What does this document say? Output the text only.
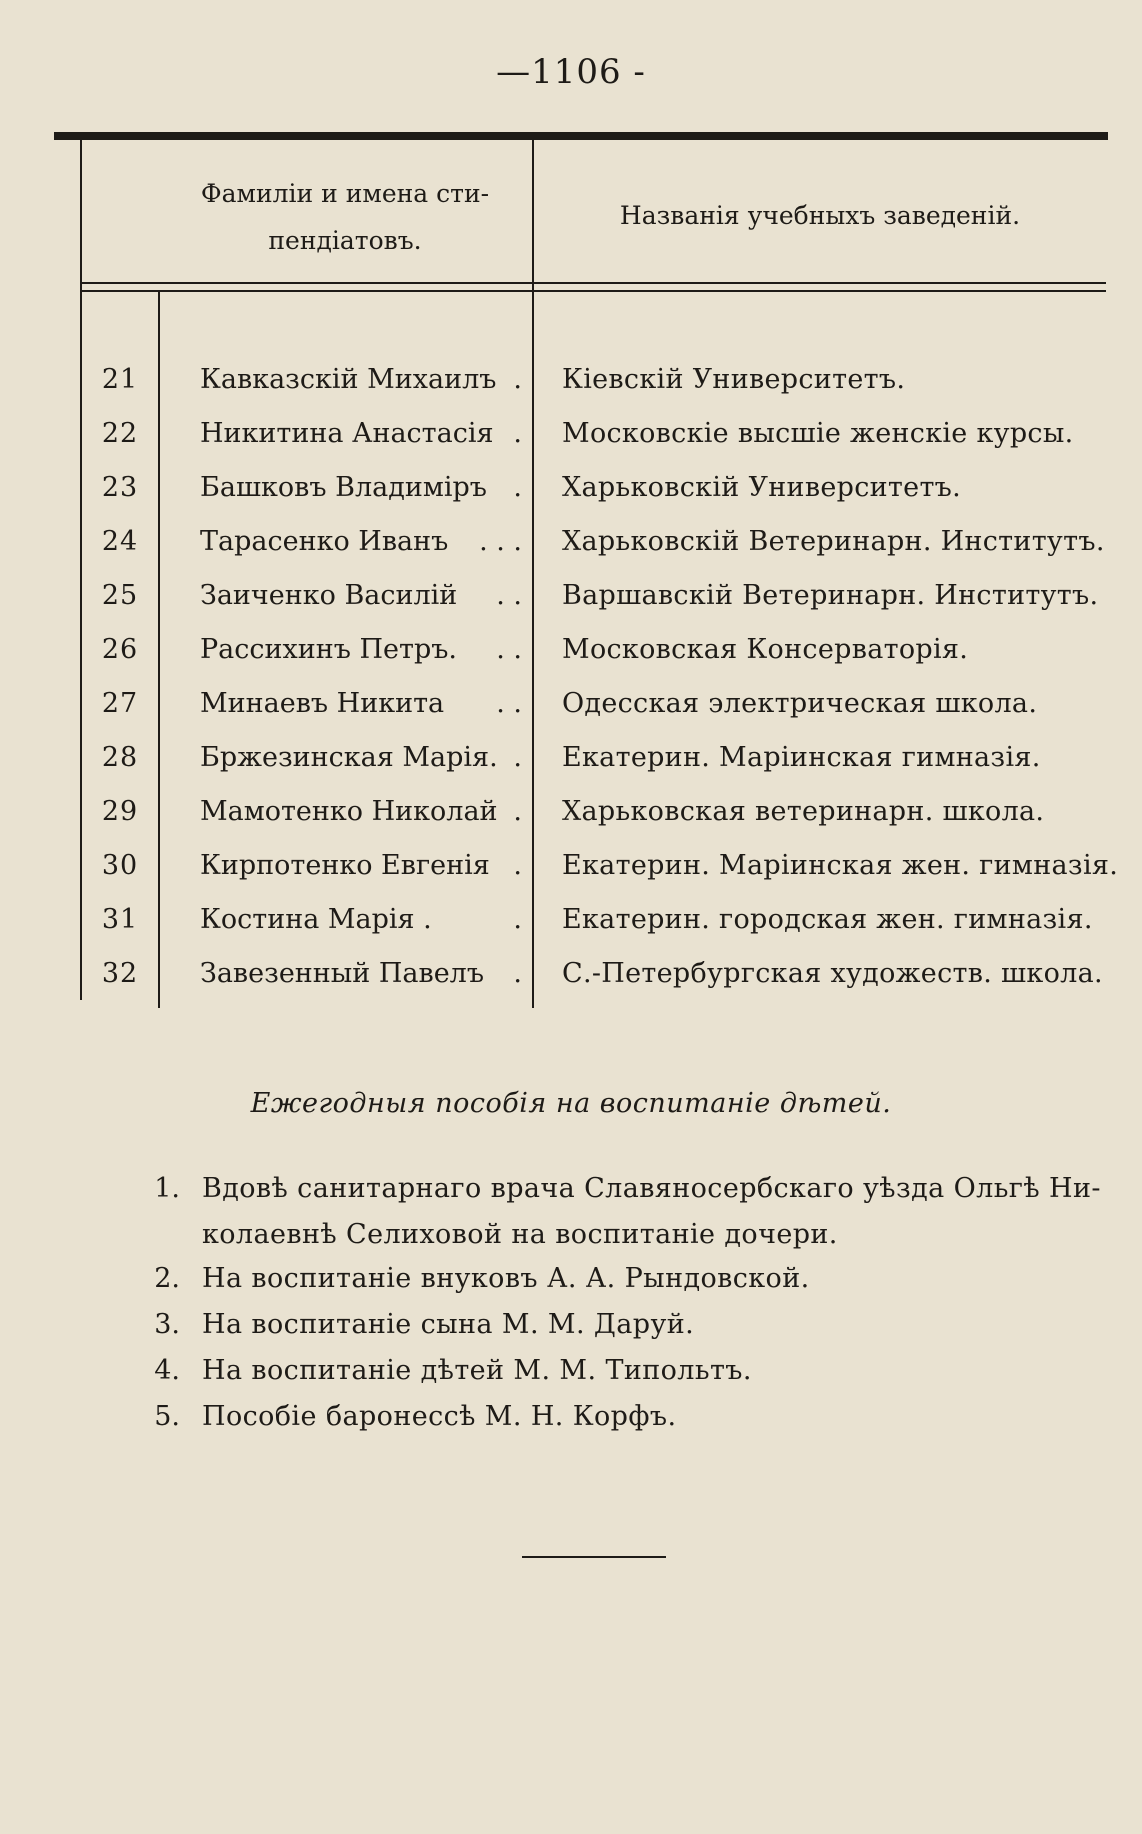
—1106 -
Фамиліи и имена сти-
пендіатовъ.
Названія учебныхъ заведеній.
21	Кавказскій Михаилъ . Кіевскій Университетъ.
22	Никитина Анастасія . Московскіе высшіе женскіе курсы.
23	Башковъ Владиміръ . Харьковскій Университетъ.
24	Тарасенко Иванъ	. . . Харьковскій Ветеринарн. Институтъ.
25	Заиченко Василій	. . Варшавскій Ветеринарн. Институтъ.
26	Рассихинъ Петръ.	. . Московская Консерваторія.
27	Минаевъ Никита	. . Одесская электрическая школа.
28	Бржезинская Марія. . Екатерин. Маріинская гимназія.
29	Мамотенко Николай . Харьковская ветеринарн. школа.
30	Кирпотенко Евгенія . Екатерин. Маріинская жен. гимназія.
31	Костина Марія .	. Екатерин. городская жен. гимназія.
32	Завезенный Павелъ	. С.-Петербургская художеств. школа.
Ежегодныя пособія на воспитаніе дѣтей.
1. Вдовѣ санитарнаго врача Славяносербскаго уѣзда Ольгѣ Ни-
колаевнѣ Селиховой на воспитаніе дочери.
2. На воспитаніе внуковъ А. А. Рындовской.
3. На воспитаніе сына М. М. Даруй.
4. На воспитаніе дѣтей М. М. Типольтъ.
5. Пособіе баронессѣ М. Н. Корфъ.
